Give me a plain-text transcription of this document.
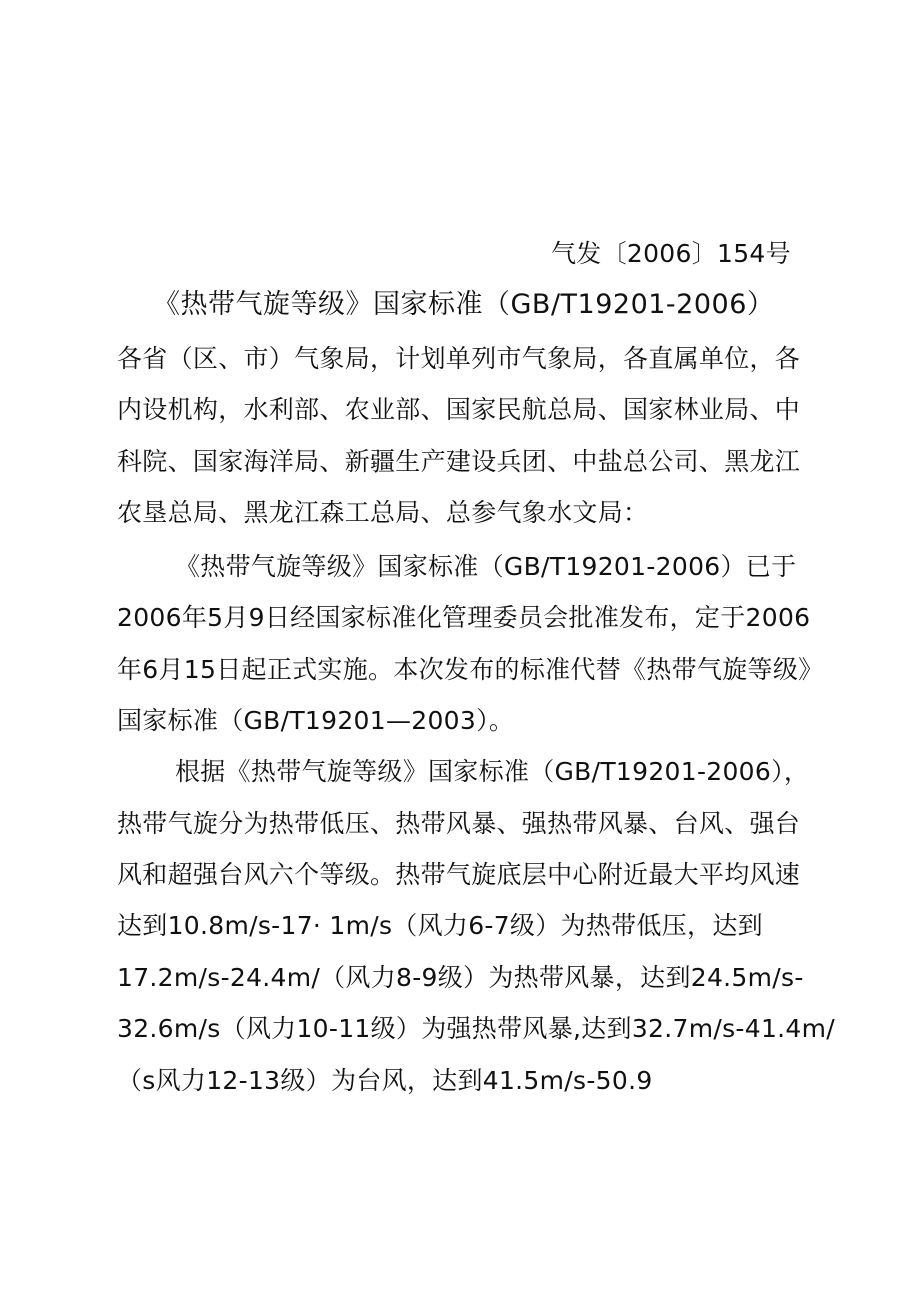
气发〔2006〕154号
《热带气旋等级》国家标准（GB/T19201-2006）
各省（区、市）气象局，计划单列市气象局，各直属单位，各
内设机构，水利部、农业部、国家民航总局、国家林业局、中
科院、国家海洋局、新疆生产建设兵团、中盐总公司、黑龙江
农垦总局、黑龙江森工总局、总参气象水文局：
《热带气旋等级》国家标准（GB/T19201-2006）已于
2006年5月9日经国家标准化管理委员会批准发布，定于2006
年6月15日起正式实施。本次发布的标准代替《热带气旋等级》
国家标准（GB/T19201—2003）。
根据《热带气旋等级》国家标准（GB/T19201-2006），
热带气旋分为热带低压、热带风暴、强热带风暴、台风、强台
风和超强台风六个等级。热带气旋底层中心附近最大平均风速
达到10.8m/s-17· 1m/s（风力6-7级）为热带低压，达到
17.2m/s-24.4m/（风力8-9级）为热带风暴，达到24.5m/s-
32.6m/s（风力10-11级）为强热带风暴,达到32.7m/s-41.4m/
（s风力12-13级）为台风，达到41.5m/s-50.9
